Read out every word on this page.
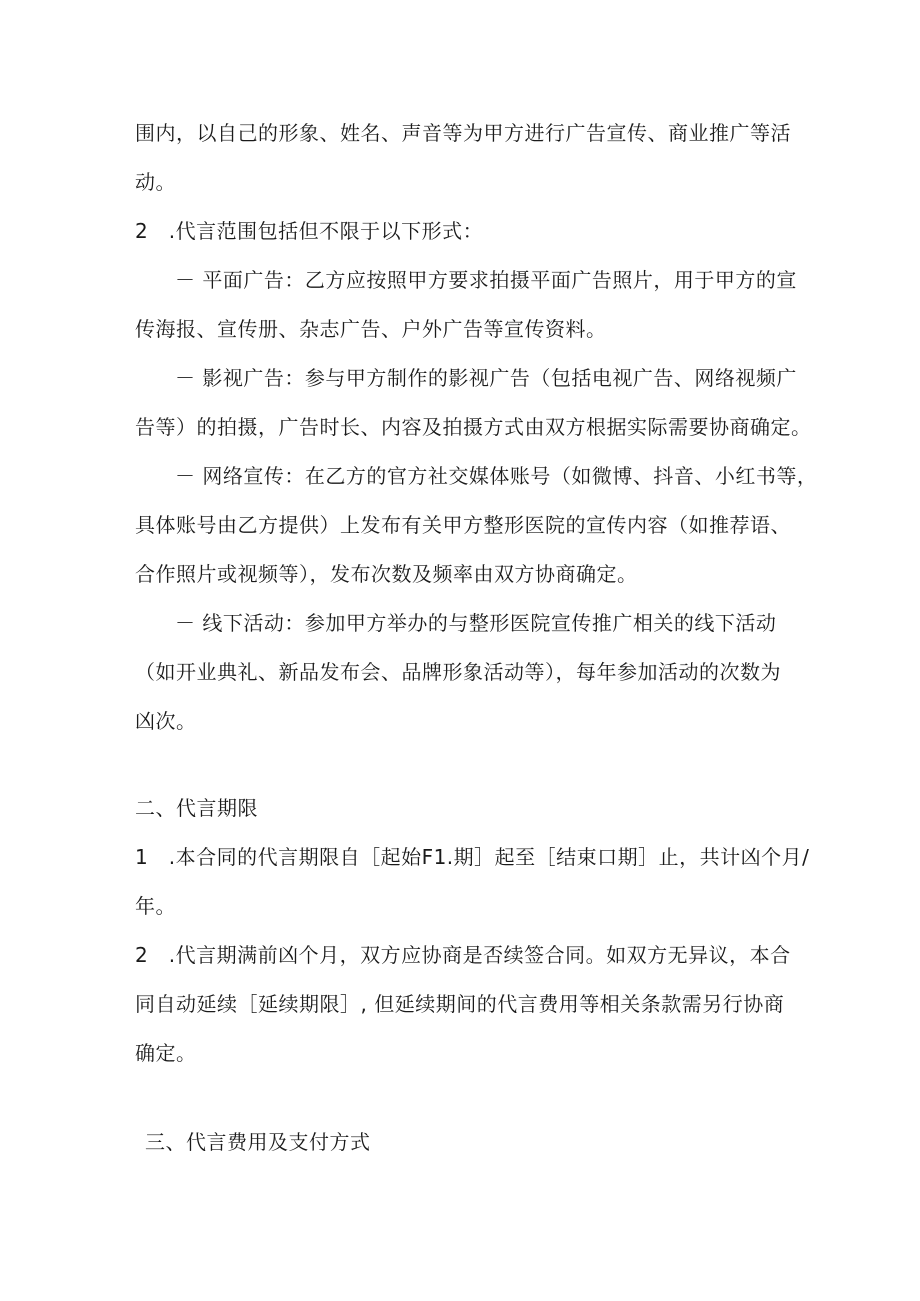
围内，以自己的形象、姓名、声音等为甲方进行广告宣传、商业推广等活
动。
2　.代言范围包括但不限于以下形式：
－ 平面广告：乙方应按照甲方要求拍摄平面广告照片，用于甲方的宣
传海报、宣传册、杂志广告、户外广告等宣传资料。
－ 影视广告：参与甲方制作的影视广告（包括电视广告、网络视频广
告等）的拍摄，广告时长、内容及拍摄方式由双方根据实际需要协商确定。
－ 网络宣传：在乙方的官方社交媒体账号（如微博、抖音、小红书等，
具体账号由乙方提供）上发布有关甲方整形医院的宣传内容（如推荐语、
合作照片或视频等），发布次数及频率由双方协商确定。
－ 线下活动：参加甲方举办的与整形医院宣传推广相关的线下活动
（如开业典礼、新品发布会、品牌形象活动等），每年参加活动的次数为
凶次。
二、代言期限
1　.本合同的代言期限自［起始F1.期］起至［结束口期］止，共计凶个月/
年。
2　.代言期满前凶个月，双方应协商是否续签合同。如双方无异议，本合
同自动延续［延续期限］, 但延续期间的代言费用等相关条款需另行协商
确定。
三、代言费用及支付方式
